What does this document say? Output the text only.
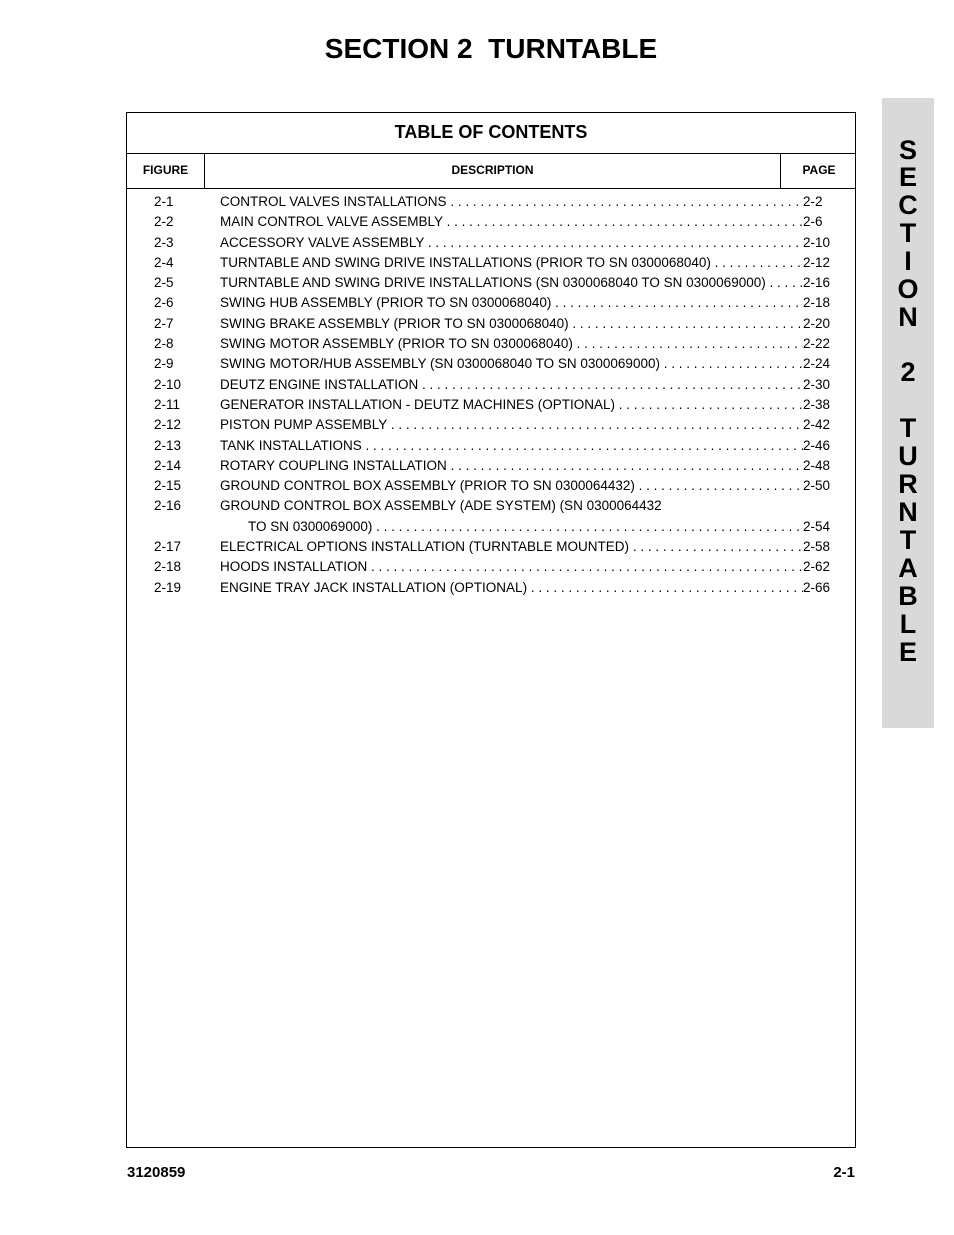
SECTION 2  TURNTABLE
TABLE OF CONTENTS
FIGURE	DESCRIPTION	PAGE
2-1	CONTROL VALVES INSTALLATIONS . . .	2-2
2-2	MAIN CONTROL VALVE ASSEMBLY . . .	2-6
2-3	ACCESSORY VALVE ASSEMBLY . . .	2-10
2-4	TURNTABLE AND SWING DRIVE INSTALLATIONS (PRIOR TO SN 0300068040) . . .	2-12
2-5	TURNTABLE AND SWING DRIVE INSTALLATIONS (SN 0300068040 TO SN 0300069000) . . .	2-16
2-6	SWING HUB ASSEMBLY (PRIOR TO SN 0300068040) . . .	2-18
2-7	SWING BRAKE ASSEMBLY (PRIOR TO SN 0300068040) . . .	2-20
2-8	SWING MOTOR ASSEMBLY (PRIOR TO SN 0300068040) . . .	2-22
2-9	SWING MOTOR/HUB ASSEMBLY (SN 0300068040 TO SN 0300069000) . . .	2-24
2-10	DEUTZ ENGINE INSTALLATION . . .	2-30
2-11	GENERATOR INSTALLATION - DEUTZ MACHINES (OPTIONAL) . . .	2-38
2-12	PISTON PUMP ASSEMBLY . . .	2-42
2-13	TANK INSTALLATIONS . . .	2-46
2-14	ROTARY COUPLING INSTALLATION . . .	2-48
2-15	GROUND CONTROL BOX ASSEMBLY (PRIOR TO SN 0300064432) . . .	2-50
2-16	GROUND CONTROL BOX ASSEMBLY (ADE SYSTEM) (SN 0300064432
TO SN 0300069000) . . .	2-54
2-17	ELECTRICAL OPTIONS INSTALLATION (TURNTABLE MOUNTED) . . .	2-58
2-18	HOODS INSTALLATION . . .	2-62
2-19	ENGINE TRAY JACK INSTALLATION (OPTIONAL) . . .	2-66
S
E
C
T
I
O
N
2
T
U
R
N
T
A
B
L
E
3120859	2-1
